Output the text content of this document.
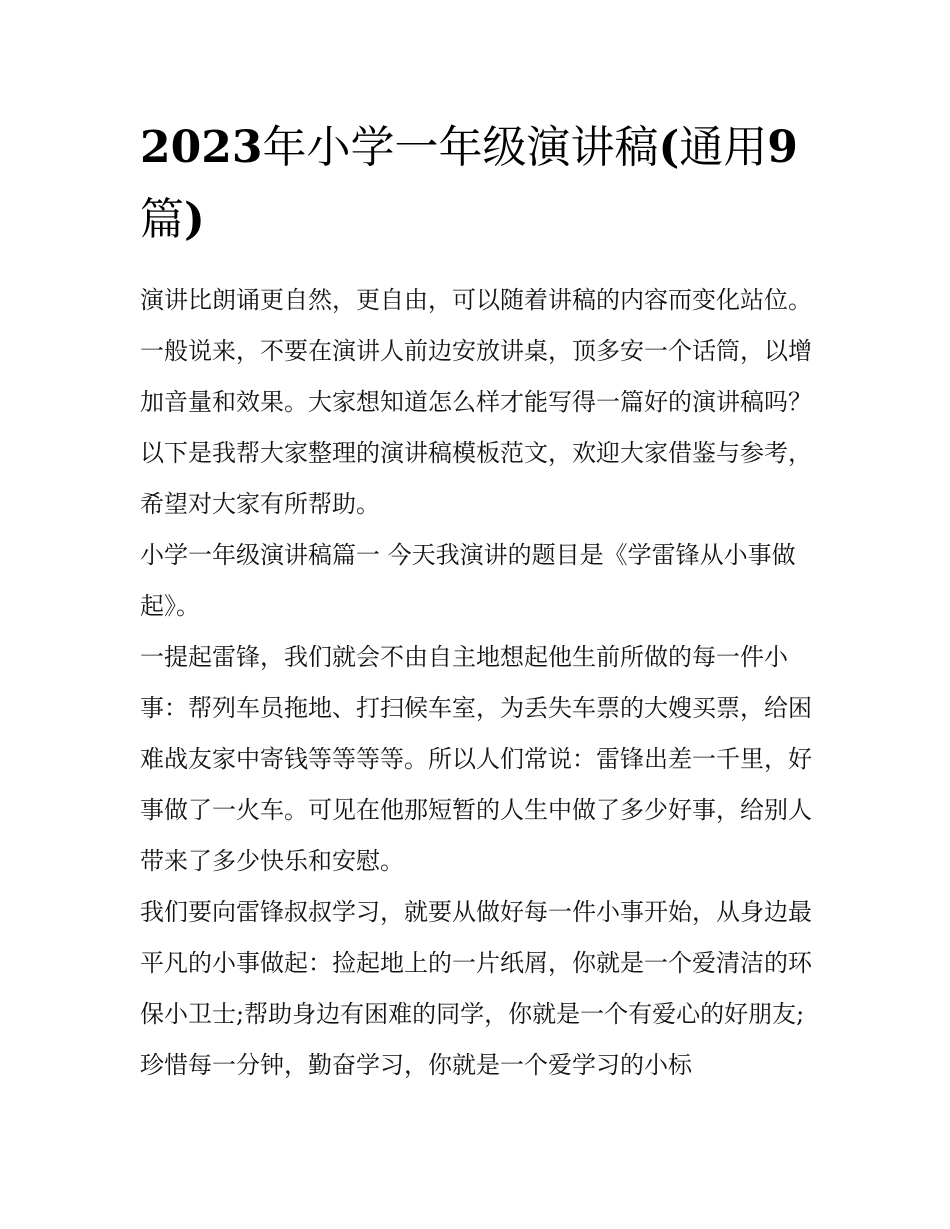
2023年小学一年级演讲稿(通用9篇)

演讲比朗诵更自然，更自由，可以随着讲稿的内容而变化站位。一般说来，不要在演讲人前边安放讲桌，顶多安一个话筒，以增加音量和效果。大家想知道怎么样才能写得一篇好的演讲稿吗？以下是我帮大家整理的演讲稿模板范文，欢迎大家借鉴与参考，希望对大家有所帮助。

小学一年级演讲稿篇一 今天我演讲的题目是《学雷锋从小事做起》。

一提起雷锋，我们就会不由自主地想起他生前所做的每一件小事：帮列车员拖地、打扫候车室，为丢失车票的大嫂买票，给困难战友家中寄钱等等等等。所以人们常说：雷锋出差一千里，好事做了一火车。可见在他那短暂的人生中做了多少好事，给别人带来了多少快乐和安慰。

我们要向雷锋叔叔学习，就要从做好每一件小事开始，从身边最平凡的小事做起：捡起地上的一片纸屑，你就是一个爱清洁的环保小卫士;帮助身边有困难的同学，你就是一个有爱心的好朋友;珍惜每一分钟，勤奋学习，你就是一个爱学习的小标
